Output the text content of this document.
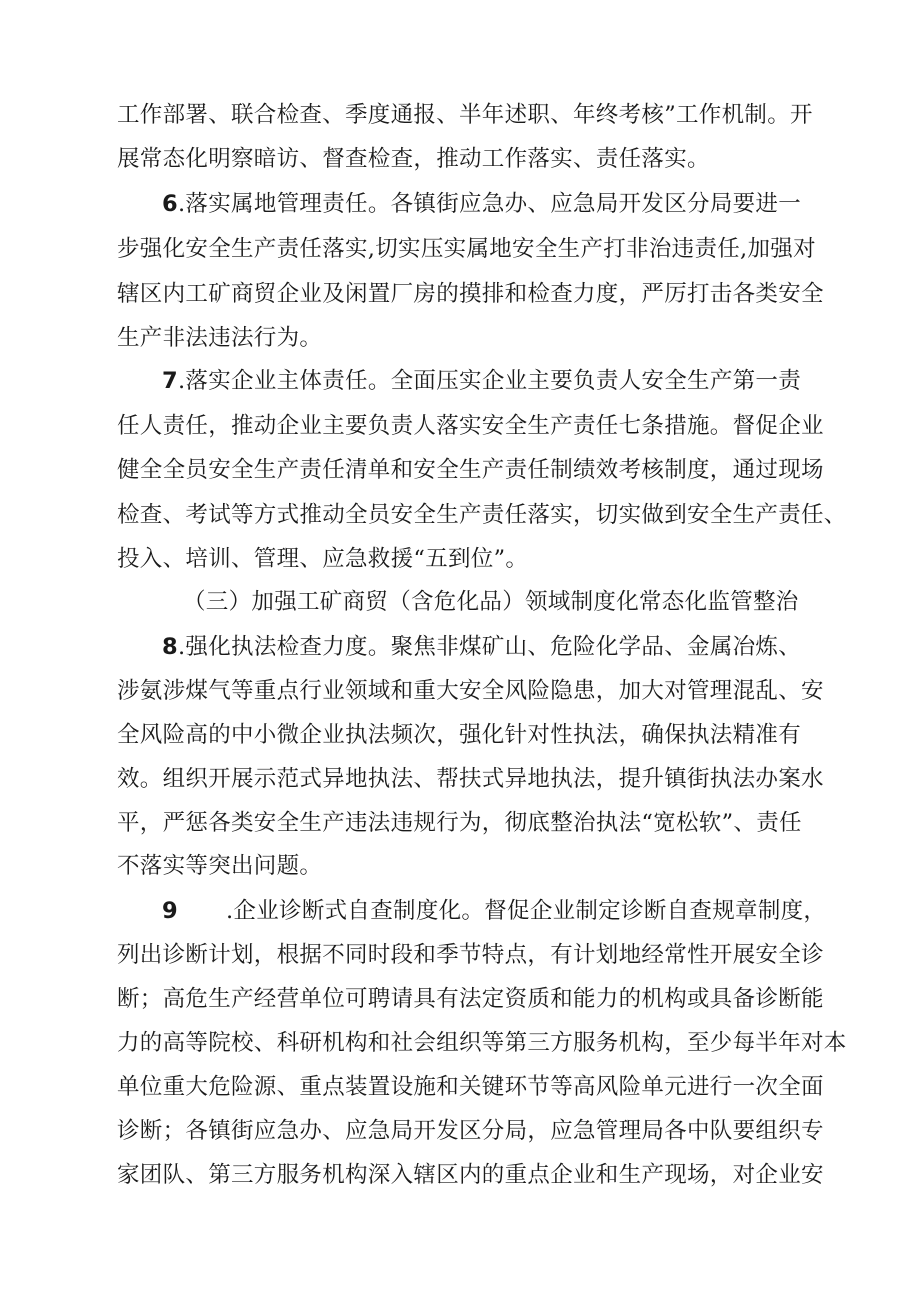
工作部署、联合检查、季度通报、半年述职、年终考核”工作机制。开
展常态化明察暗访、督查检查，推动工作落实、责任落实。
6.落实属地管理责任。各镇街应急办、应急局开发区分局要进一
步强化安全生产责任落实,切实压实属地安全生产打非治违责任,加强对
辖区内工矿商贸企业及闲置厂房的摸排和检查力度，严厉打击各类安全
生产非法违法行为。
7.落实企业主体责任。全面压实企业主要负责人安全生产第一责
任人责任，推动企业主要负责人落实安全生产责任七条措施。督促企业
健全全员安全生产责任清单和安全生产责任制绩效考核制度，通过现场
检查、考试等方式推动全员安全生产责任落实，切实做到安全生产责任、
投入、培训、管理、应急救援“五到位”。
（三）加强工矿商贸（含危化品）领域制度化常态化监管整治
8.强化执法检查力度。聚焦非煤矿山、危险化学品、金属冶炼、
涉氨涉煤气等重点行业领域和重大安全风险隐患，加大对管理混乱、安
全风险高的中小微企业执法频次，强化针对性执法，确保执法精准有
效。组织开展示范式异地执法、帮扶式异地执法，提升镇街执法办案水
平，严惩各类安全生产违法违规行为，彻底整治执法“宽松软”、责任
不落实等突出问题。
9 .企业诊断式自查制度化。督促企业制定诊断自查规章制度，
列出诊断计划，根据不同时段和季节特点，有计划地经常性开展安全诊
断；高危生产经营单位可聘请具有法定资质和能力的机构或具备诊断能
力的高等院校、科研机构和社会组织等第三方服务机构，至少每半年对本
单位重大危险源、重点装置设施和关键环节等高风险单元进行一次全面
诊断；各镇街应急办、应急局开发区分局，应急管理局各中队要组织专
家团队、第三方服务机构深入辖区内的重点企业和生产现场，对企业安
